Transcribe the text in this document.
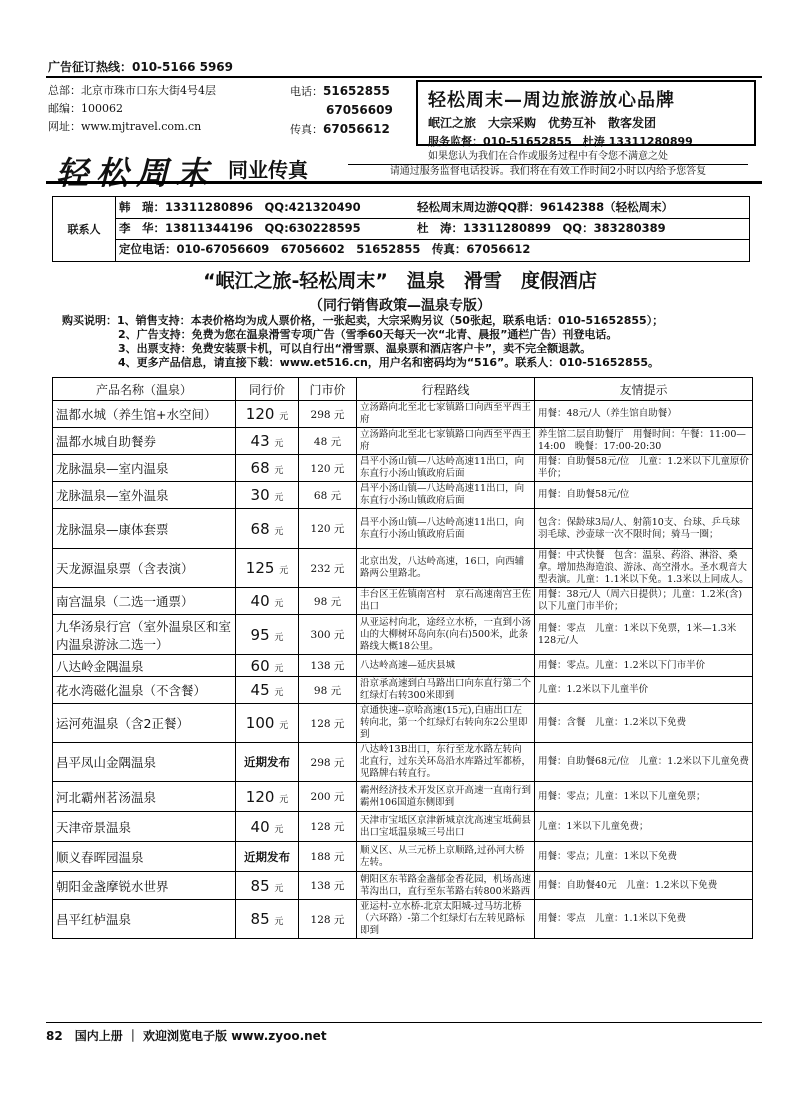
广告征订热线：010-5166 5969
总部：北京市珠市口东大街4号4层
邮编：100062
网址：www.mjtravel.com.cn
电话：51652855
67056609
传真：67056612
轻松周末—周边旅游放心品牌
岷江之旅　大宗采购　优势互补　散客发团
服务监督：010-51652855　杜涛 13311280899
轻松周末 同业传真
如果您认为我们在合作或服务过程中有令您不满意之处
请通过服务监督电话投诉。我们将在有效工作时间2小时以内给予您答复
联系人
韩　瑞：13311280896　QQ:421320490	轻松周末周边游QQ群：96142388（轻松周末）
李　华：13811344196　QQ:630228595	杜　涛：13311280899　QQ：383280389
定位电话：010-67056609　67056602　51652855　传真：67056612
“岷江之旅-轻松周末”　温泉　滑雪　度假酒店
（同行销售政策—温泉专版）
购买说明：1、销售支持：本表价格均为成人票价格，一张起卖，大宗采购另议（50张起，联系电话：010-51652855）；
2、广告支持：免费为您在温泉滑雪专项广告（雪季60天每天一次“北青、晨报”通栏广告）刊登电话。
3、出票支持：免费安装票卡机，可以自行出“滑雪票、温泉票和酒店客户卡”，卖不完全额退款。
4、更多产品信息，请直接下载：www.et516.cn，用户名和密码均为“516”。联系人：010-51652855。
产品名称（温泉）	同行价	门市价	行程路线	友情提示
温都水城（养生馆+水空间）	120 元	298 元	立汤路向北至北七家镇路口向西至平西王府	用餐：48元/人（养生馆自助餐）
温都水城自助餐券	43 元	48 元	立汤路向北至北七家镇路口向西至平西王府	养生馆二层自助餐厅　用餐时间：午餐：11:00—14:00　晚餐：17:00-20:30
龙脉温泉—室内温泉	68 元	120 元	昌平小汤山镇—八达岭高速11出口，向东直行小汤山镇政府后面	用餐：自助餐58元/位　儿童：1.2米以下儿童原价半价；
龙脉温泉—室外温泉	30 元	68 元	昌平小汤山镇—八达岭高速11出口，向东直行小汤山镇政府后面	用餐：自助餐58元/位
龙脉温泉—康体套票	68 元	120 元	昌平小汤山镇—八达岭高速11出口，向东直行小汤山镇政府后面	包含：保龄球3局/人、射箭10支、台球、乒乓球羽毛球、沙壶球一次不限时间；骑马一圈；
天龙源温泉票（含表演）	125 元	232 元	北京出发，八达岭高速，16口，向西辅路两公里路北。	用餐：中式快餐　包含：温泉、药浴、淋浴、桑拿。增加热海造浪、游泳、高空滑水。圣水观音大型表演。儿童：1.1米以下免。1.3米以上同成人。
南宫温泉（二选一通票）	40 元	98 元	丰台区王佐镇南宫村　京石高速南宫王佐出口	用餐：38元/人（周六日提供）；儿童：1.2米(含)以下儿童门市半价；
九华汤泉行宫（室外温泉区和室内温泉游泳二选一）	95 元	300 元	从亚运村向北，途经立水桥，一直到小汤山的大柳树环岛向东(向右)500米，此条路线大概18公里。	用餐：零点　儿童：1米以下免票，1米—1.3米128元/人
八达岭金隅温泉	60 元	138 元	八达岭高速—延庆县城	用餐：零点。儿童：1.2米以下门市半价
花水湾磁化温泉（不含餐）	45 元	98 元	沿京承高速到白马路出口向东直行第二个红绿灯右转300米即到	儿童：1.2米以下儿童半价
运河苑温泉（含2正餐）	100 元	128 元	京通快速--京哈高速(15元),白庙出口左转向北，第一个红绿灯右转向东2公里即到	用餐：含餐　儿童：1.2米以下免费
昌平凤山金隅温泉	近期发布	298 元	八达岭13B出口，东行至龙水路左转向北直行，过东关环岛沿水库路过军都桥，见路牌右转直行。	用餐：自助餐68元/位　儿童：1.2米以下儿童免费
河北霸州茗汤温泉	120 元	200 元	霸州经济技术开发区京开高速一直南行到霸州106国道东侧即到	用餐：零点；儿童：1米以下儿童免票；
天津帝景温泉	40 元	128 元	天津市宝坻区京津新城京沈高速宝坻蓟县出口宝坻温泉城三号出口	儿童：1米以下儿童免费；
顺义春晖园温泉	近期发布	188 元	顺义区、从三元桥上京顺路,过孙河大桥左转。	用餐：零点；儿童：1米以下免费
朝阳金盏摩锐水世界	85 元	138 元	朝阳区东苇路金盏郁金香花园，机场高速苇沟出口，直行至东苇路右转800米路西	用餐：自助餐40元　儿童：1.2米以下免费
昌平红栌温泉	85 元	128 元	亚运村-立水桥-北京太阳城-过马坊北桥（六环路）-第二个红绿灯右左转见路标即到	用餐：零点　儿童：1.1米以下免费
82　国内上册 ｜ 欢迎浏览电子版 www.zyoo.net
